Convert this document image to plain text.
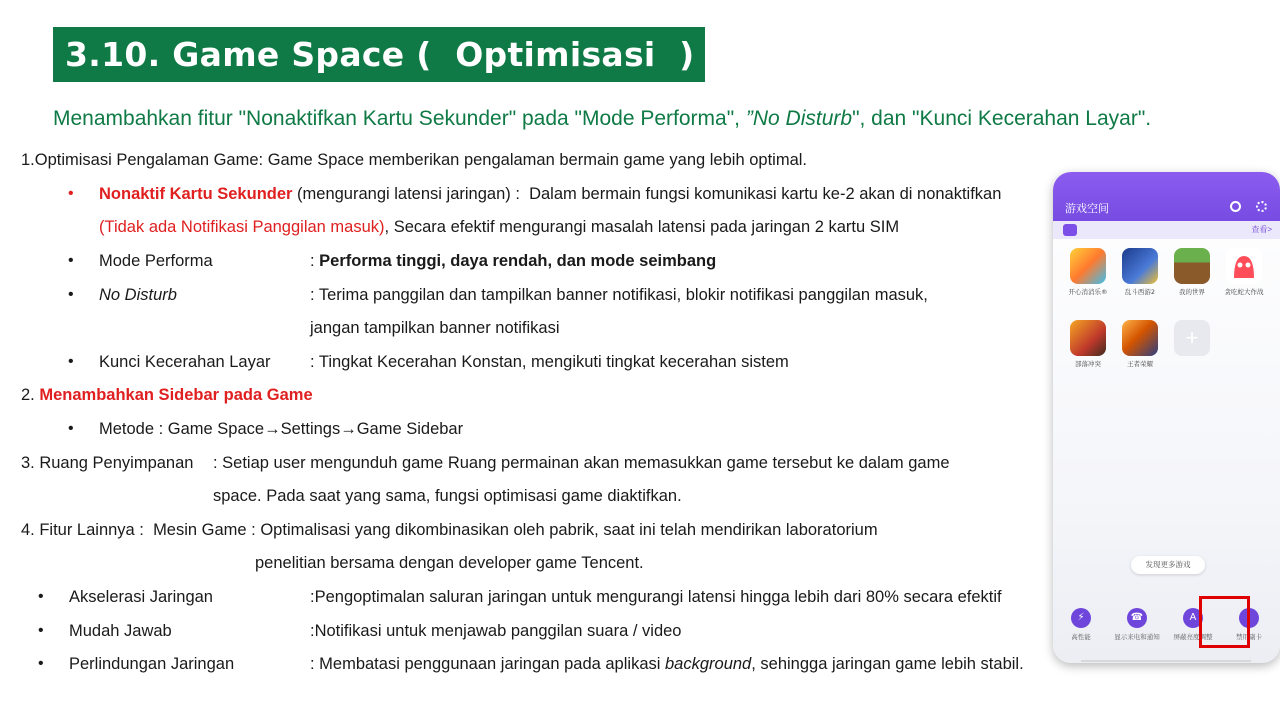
3.10. Game Space (  Optimisasi  )
Menambahkan fitur "Nonaktifkan Kartu Sekunder" pada "Mode Performa", ”No Disturb", dan "Kunci Kecerahan Layar".
1.Optimisasi Pengalaman Game: Game Space memberikan pengalaman bermain game yang lebih optimal.
• Nonaktif Kartu Sekunder (mengurangi latensi jaringan) :  Dalam bermain fungsi komunikasi kartu ke-2 akan di nonaktifkan
(Tidak ada Notifikasi Panggilan masuk), Secara efektif mengurangi masalah latensi pada jaringan 2 kartu SIM
• Mode Performa	: Performa tinggi, daya rendah, dan mode seimbang
• No Disturb	: Terima panggilan dan tampilkan banner notifikasi, blokir notifikasi panggilan masuk,
jangan tampilkan banner notifikasi
• Kunci Kecerahan Layar : Tingkat Kecerahan Konstan, mengikuti tingkat kecerahan sistem
2. Menambahkan Sidebar pada Game
• Metode : Game Space→Settings→Game Sidebar
3. Ruang Penyimpanan : Setiap user mengunduh game Ruang permainan akan memasukkan game tersebut ke dalam game
space. Pada saat yang sama, fungsi optimisasi game diaktifkan.
4. Fitur Lainnya :  Mesin Game : Optimalisasi yang dikombinasikan oleh pabrik, saat ini telah mendirikan laboratorium
penelitian bersama dengan developer game Tencent.
• Akselerasi Jaringan	:Pengoptimalan saluran jaringan untuk mengurangi latensi hingga lebih dari 80% secara efektif
• Mudah Jawab	:Notifikasi untuk menjawab panggilan suara / video
• Perlindungan Jaringan	: Membatasi penggunaan jaringan pada aplikasi background, sehingga jaringan game lebih stabil.
游戏空间
查看>
开心消消乐®	乱斗西游2	我的世界	贪吃蛇大作战
部落冲突	王者荣耀
+
发现更多游戏
⚡
高性能
☎
显示来电和通知
A
屏蔽亮度调整
◐
禁用副卡
